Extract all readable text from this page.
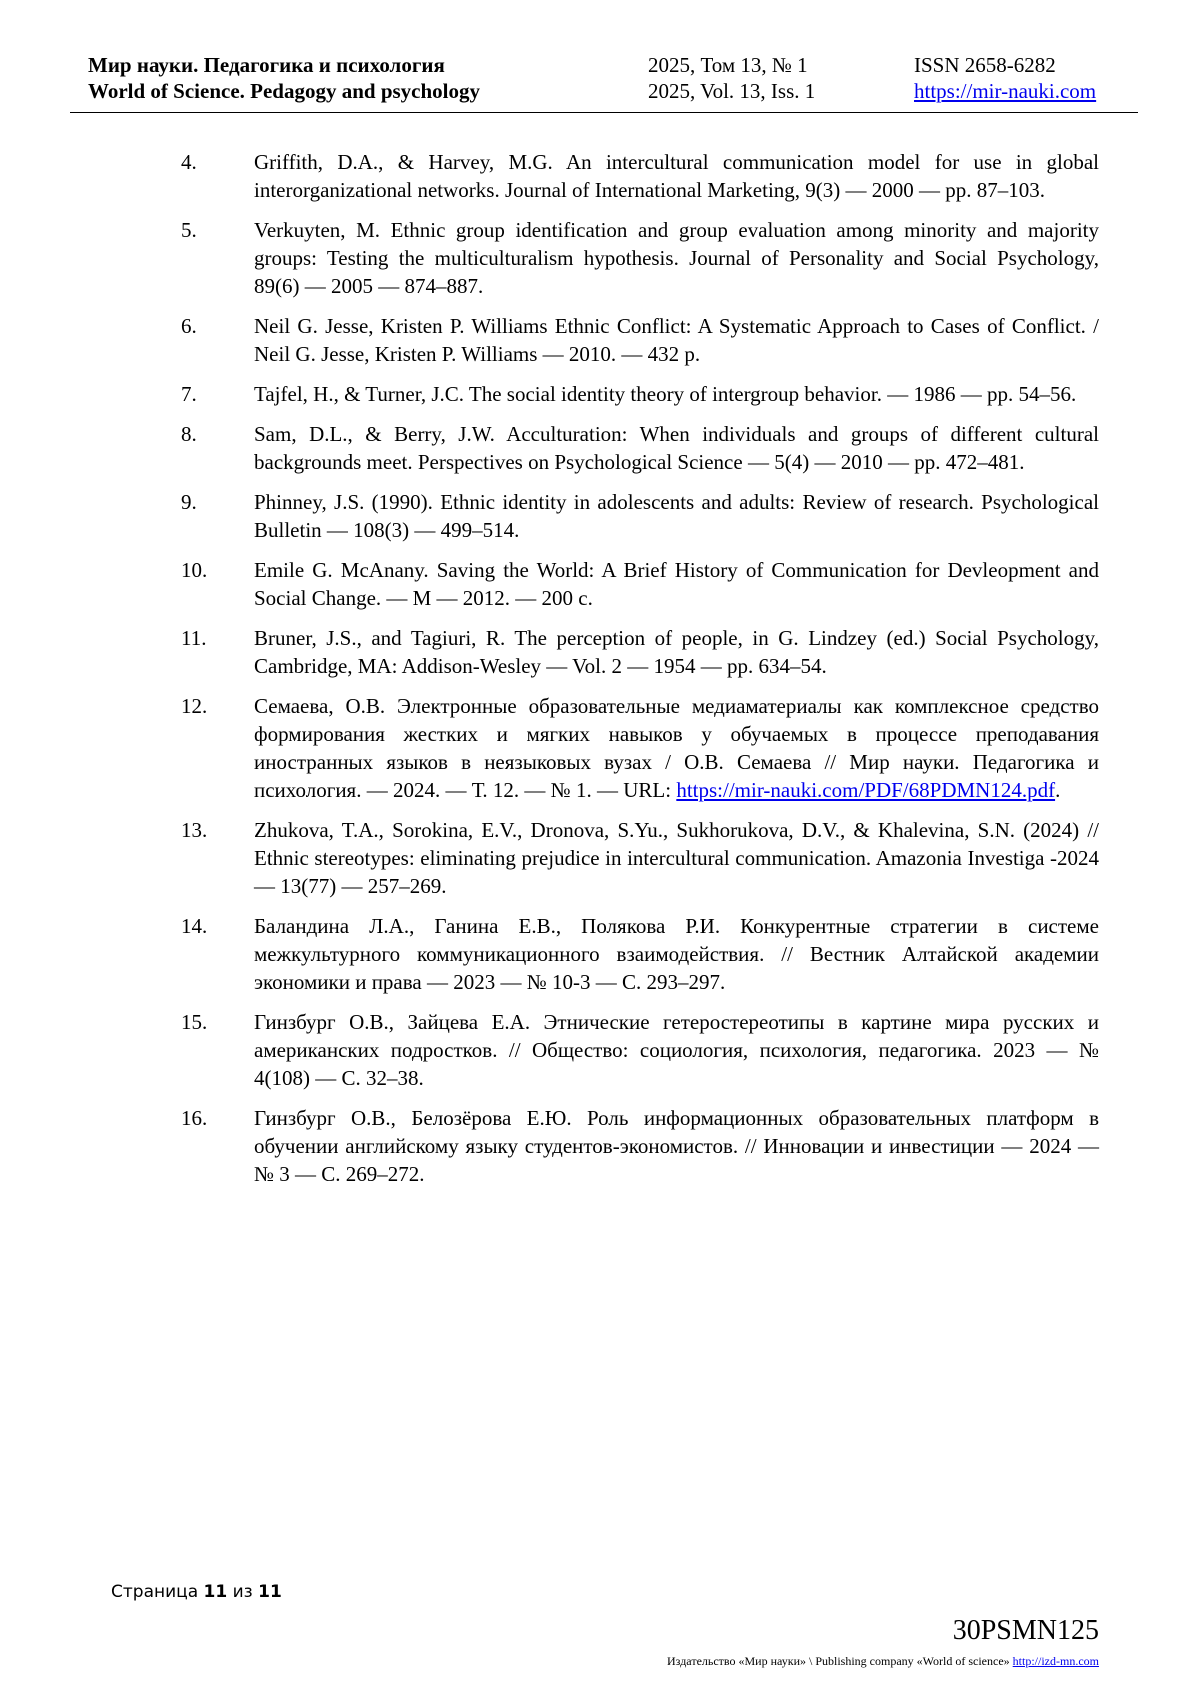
Мир науки. Педагогика и психология	2025, Том 13, № 1	ISSN 2658-6282
World of Science. Pedagogy and psychology	2025, Vol. 13, Iss. 1	https://mir-nauki.com
4.	Griffith, D.A., & Harvey, M.G. An intercultural communication model for use in global interorganizational networks. Journal of International Marketing, 9(3) — 2000 — pp. 87–103.
5.	Verkuyten, M. Ethnic group identification and group evaluation among minority and majority groups: Testing the multiculturalism hypothesis. Journal of Personality and Social Psychology, 89(6) — 2005 — 874–887.
6.	Neil G. Jesse, Kristen P. Williams Ethnic Conflict: A Systematic Approach to Cases of Conflict. / Neil G. Jesse, Kristen P. Williams — 2010. — 432 p.
7.	Tajfel, H., & Turner, J.C. The social identity theory of intergroup behavior. — 1986 — pp. 54–56.
8.	Sam, D.L., & Berry, J.W. Acculturation: When individuals and groups of different cultural backgrounds meet. Perspectives on Psychological Science — 5(4) — 2010 — pp. 472–481.
9.	Phinney, J.S. (1990). Ethnic identity in adolescents and adults: Review of research. Psychological Bulletin — 108(3) — 499–514.
10. Emile G. McAnany. Saving the World: A Brief History of Communication for Devleopment and Social Change. — M — 2012. — 200 c.
11. Bruner, J.S., and Tagiuri, R. The perception of people, in G. Lindzey (ed.) Social Psychology, Cambridge, MA: Addison-Wesley — Vol. 2 — 1954 — pp. 634–54.
12. Семаева, О.В. Электронные образовательные медиаматериалы как комплексное средство формирования жестких и мягких навыков у обучаемых в процессе преподавания иностранных языков в неязыковых вузах / О.В. Семаева // Мир науки. Педагогика и психология. — 2024. — Т. 12. — № 1. — URL: https://mir-nauki.com/PDF/68PDMN124.pdf.
13. Zhukova, T.A., Sorokina, E.V., Dronova, S.Yu., Sukhorukova, D.V., & Khalevina, S.N. (2024) // Ethnic stereotypes: eliminating prejudice in intercultural communication. Amazonia Investiga -2024 — 13(77) — 257–269.
14. Баландина Л.А., Ганина Е.В., Полякова Р.И. Конкурентные стратегии в системе межкультурного коммуникационного взаимодействия. // Вестник Алтайской академии экономики и права — 2023 — № 10-3 — С. 293–297.
15. Гинзбург О.В., Зайцева Е.А. Этнические гетеростереотипы в картине мира русских и американских подростков. // Общество: социология, психология, педагогика. 2023 — № 4(108) — С. 32–38.
16. Гинзбург О.В., Белозёрова Е.Ю. Роль информационных образовательных платформ в обучении английскому языку студентов-экономистов. // Инновации и инвестиции — 2024 — № 3 — С. 269–272.
Страница 11 из 11
30PSMN125
Издательство «Мир науки» \ Publishing company «World of science» http://izd-mn.com
